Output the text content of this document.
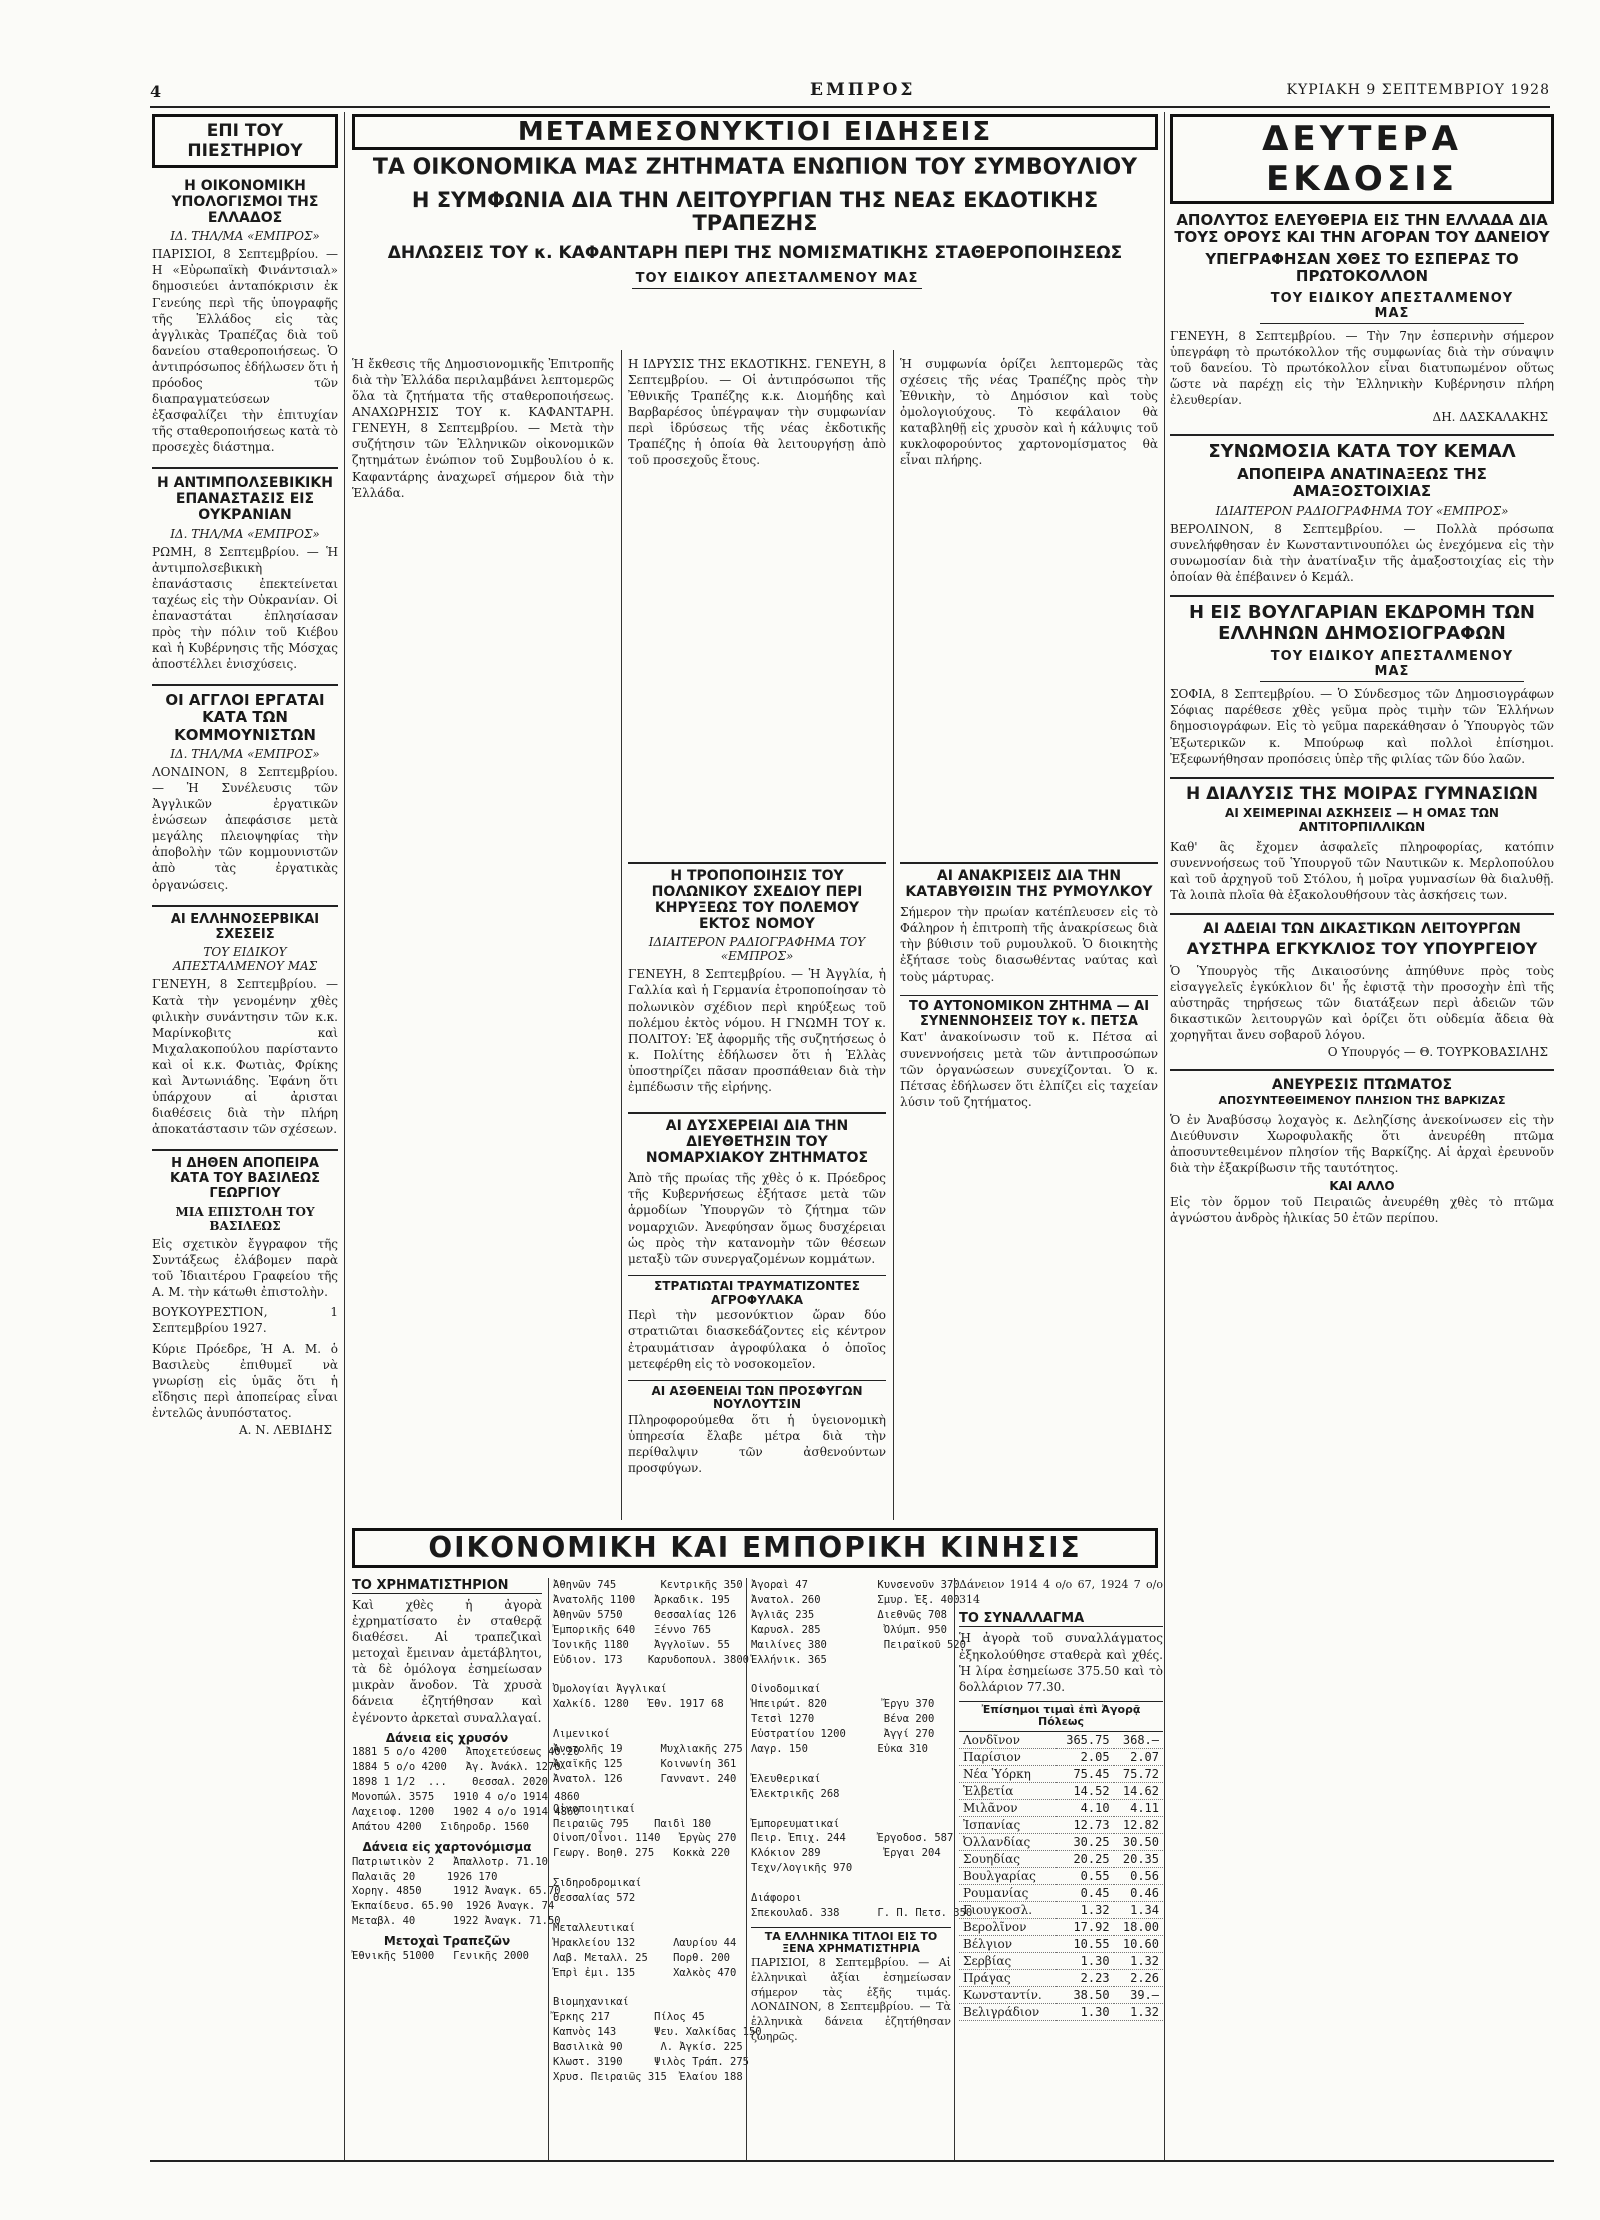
4	ΕΜΠΡΟΣ	ΚΥΡΙΑΚΗ 9 ΣΕΠΤΕΜΒΡΙΟΥ 1928
ΕΠΙ ΤΟΥ ΠΙΕΣΤΗΡΙΟΥ
Η ΟΙΚΟΝΟΜΙΚΗ ΥΠΟΛΟΓΙΣΜΟΙ ΤΗΣ ΕΛΛΑΔΟΣ
ΙΔ. ΤΗΛ/ΜΑ «ΕΜΠΡΟΣ»

ΠΑΡΙΣΙΟΙ, 8 Σεπτεμβρίου. — Η «Εὐρωπαϊκὴ Φινάντσιαλ» δημοσιεύει ἀνταπόκρισιν ἐκ Γενεύης περὶ τῆς ὑπογραφῆς τῆς Ἑλλάδος εἰς τὰς ἀγγλικὰς Τραπέζας διὰ τοῦ δανείου σταθεροποιήσεως. Ὁ ἀντιπρόσωπος ἐδήλωσεν ὅτι ἡ πρόοδος τῶν διαπραγματεύσεων ἐξασφαλίζει τὴν ἐπιτυχίαν τῆς σταθεροποιήσεως κατὰ τὸ προσεχὲς διάστημα.

Η ΑΝΤΙΜΠΟΛΣΕΒΙΚΙΚΗ ΕΠΑΝΑΣΤΑΣΙΣ ΕΙΣ ΟΥΚΡΑΝΙΑΝ
ΙΔ. ΤΗΛ/ΜΑ «ΕΜΠΡΟΣ»

ΡΩΜΗ, 8 Σεπτεμβρίου. — Ἡ ἀντιμπολσεβικικὴ ἐπανάστασις ἐπεκτείνεται ταχέως εἰς τὴν Οὐκρανίαν. Οἱ ἐπαναστάται ἐπλησίασαν πρὸς τὴν πόλιν τοῦ Κιέβου καὶ ἡ Κυβέρνησις τῆς Μόσχας ἀποστέλλει ἐνισχύσεις.

ΟΙ ΑΓΓΛΟΙ ΕΡΓΑΤΑΙ ΚΑΤΑ ΤΩΝ ΚΟΜΜΟΥΝΙΣΤΩΝ
ΙΔ. ΤΗΛ/ΜΑ «ΕΜΠΡΟΣ»

ΛΟΝΔΙΝΟΝ, 8 Σεπτεμβρίου. — Ἡ Συνέλευσις τῶν Ἀγγλικῶν ἐργατικῶν ἑνώσεων ἀπεφάσισε μετὰ μεγάλης πλειοψηφίας τὴν ἀποβολὴν τῶν κομμουνιστῶν ἀπὸ τὰς ἐργατικὰς ὀργανώσεις.

ΑΙ ΕΛΛΗΝΟΣΕΡΒΙΚΑΙ ΣΧΕΣΕΙΣ
ΤΟΥ ΕΙΔΙΚΟΥ ΑΠΕΣΤΑΛΜΕΝΟΥ ΜΑΣ

ΓΕΝΕΥΗ, 8 Σεπτεμβρίου. — Κατὰ τὴν γενομένην χθὲς φιλικὴν συνάντησιν τῶν κ.κ. Μαρίνκοβιτς καὶ Μιχαλακοπούλου παρίσταντο καὶ οἱ κ.κ. Φωτιὰς, Φρίκης καὶ Ἀντωνιάδης. Ἐφάνη ὅτι ὑπάρχουν αἱ ἀρισται διαθέσεις διὰ τὴν πλήρη ἀποκατάστασιν τῶν σχέσεων.

Η ΔΗΘΕΝ ΑΠΟΠΕΙΡΑ ΚΑΤΑ ΤΟΥ ΒΑΣΙΛΕΩΣ ΓΕΩΡΓΙΟΥ
ΜΙΑ ΕΠΙΣΤΟΛΗ ΤΟΥ ΒΑΣΙΛΕΩΣ

Εἰς σχετικὸν ἔγγραφον τῆς Συντάξεως ἐλάβομεν παρὰ τοῦ Ἰδιαιτέρου Γραφείου τῆς Α. Μ. τὴν κάτωθι ἐπιστολὴν.

ΒΟΥΚΟΥΡΕΣΤΙΟΝ, 1 Σεπτεμβρίου 1927.

Κύριε Πρόεδρε, Ἡ Α. Μ. ὁ Βασιλεὺς ἐπιθυμεῖ νὰ γνωρίσῃ εἰς ὑμᾶς ὅτι ἡ εἴδησις περὶ ἀποπείρας εἶναι ἐντελῶς ἀνυπόστατος.

Α. Ν. ΛΕΒΙΔΗΣ
ΜΕΤΑΜΕΣΟΝΥΚΤΙΟΙ ΕΙΔΗΣΕΙΣ
ΤΑ ΟΙΚΟΝΟΜΙΚΑ ΜΑΣ ΖΗΤΗΜΑΤΑ ΕΝΩΠΙΟΝ ΤΟΥ ΣΥΜΒΟΥΛΙΟΥ
Η ΣΥΜΦΩΝΙΑ ΔΙΑ ΤΗΝ ΛΕΙΤΟΥΡΓΙΑΝ ΤΗΣ ΝΕΑΣ ΕΚΔΟΤΙΚΗΣ ΤΡΑΠΕΖΗΣ
ΔΗΛΩΣΕΙΣ ΤΟΥ κ. ΚΑΦΑΝΤΑΡΗ ΠΕΡΙ ΤΗΣ ΝΟΜΙΣΜΑΤΙΚΗΣ ΣΤΑΘΕΡΟΠΟΙΗΣΕΩΣ
ΤΟΥ ΕΙΔΙΚΟΥ ΑΠΕΣΤΑΛΜΕΝΟΥ ΜΑΣ

Ἡ ἔκθεσις τῆς Δημοσιονομικῆς Ἐπιτροπῆς διὰ τὴν Ἑλλάδα περιλαμβάνει λεπτομερῶς ὅλα τὰ ζητήματα τῆς σταθεροποιήσεως. ΑΝΑΧΩΡΗΣΙΣ ΤΟΥ κ. ΚΑΦΑΝΤΑΡΗ. ΓΕΝΕΥΗ, 8 Σεπτεμβρίου. — Μετὰ τὴν συζήτησιν τῶν Ἑλληνικῶν οἰκονομικῶν ζητημάτων ἐνώπιον τοῦ Συμβουλίου ὁ κ. Καφαντάρης ἀναχωρεῖ σήμερον διὰ τὴν Ἑλλάδα.

Η ΙΔΡΥΣΙΣ ΤΗΣ ΕΚΔΟΤΙΚΗΣ. ΓΕΝΕΥΗ, 8 Σεπτεμβρίου. — Οἱ ἀντιπρόσωποι τῆς Ἐθνικῆς Τραπέζης κ.κ. Διομήδης καὶ Βαρβαρέσος ὑπέγραψαν τὴν συμφωνίαν περὶ ἱδρύσεως τῆς νέας ἐκδοτικῆς Τραπέζης ἡ ὁποία θὰ λειτουργήσῃ ἀπὸ τοῦ προσεχοῦς ἔτους.

Ἡ συμφωνία ὁρίζει λεπτομερῶς τὰς σχέσεις τῆς νέας Τραπέζης πρὸς τὴν Ἐθνικὴν, τὸ Δημόσιον καὶ τοὺς ὀμολογιούχους. Τὸ κεφάλαιον θὰ καταβληθῇ εἰς χρυσὸν καὶ ἡ κάλυψις τοῦ κυκλοφορούντος χαρτονομίσματος θὰ εἶναι πλήρης.

Η ΤΡΟΠΟΠΟΙΗΣΙΣ ΤΟΥ ΠΟΛΩΝΙΚΟΥ ΣΧΕΔΙΟΥ ΠΕΡΙ ΚΗΡΥΞΕΩΣ ΤΟΥ ΠΟΛΕΜΟΥ ΕΚΤΟΣ ΝΟΜΟΥ
ΙΔΙΑΙΤΕΡΟΝ ΡΑΔΙΟΓΡΑΦΗΜΑ ΤΟΥ «ΕΜΠΡΟΣ»

ΓΕΝΕΥΗ, 8 Σεπτεμβρίου. — Ἡ Ἀγγλία, ἡ Γαλλία καὶ ἡ Γερμανία ἐτροποποίησαν τὸ πολωνικὸν σχέδιον περὶ κηρύξεως τοῦ πολέμου ἐκτὸς νόμου. Η ΓΝΩΜΗ ΤΟΥ κ. ΠΟΛΙΤΟΥ: Ἐξ ἀφορμῆς τῆς συζητήσεως ὁ κ. Πολίτης ἐδήλωσεν ὅτι ἡ Ἑλλὰς ὑποστηρίζει πᾶσαν προσπάθειαν διὰ τὴν ἐμπέδωσιν τῆς εἰρήνης.

ΑΙ ΔΥΣΧΕΡΕΙΑΙ ΔΙΑ ΤΗΝ ΔΙΕΥΘΕΤΗΣΙΝ ΤΟΥ ΝΟΜΑΡΧΙΑΚΟΥ ΖΗΤΗΜΑΤΟΣ

Ἀπὸ τῆς πρωίας τῆς χθὲς ὁ κ. Πρόεδρος τῆς Κυβερνήσεως ἐξήτασε μετὰ τῶν ἁρμοδίων Ὑπουργῶν τὸ ζήτημα τῶν νομαρχιῶν. Ἀνεφύησαν ὅμως δυσχέρειαι ὡς πρὸς τὴν κατανομὴν τῶν θέσεων μεταξὺ τῶν συνεργαζομένων κομμάτων.

ΣΤΡΑΤΙΩΤΑΙ ΤΡΑΥΜΑΤΙΖΟΝΤΕΣ ΑΓΡΟΦΥΛΑΚΑ

Περὶ τὴν μεσονύκτιον ὥραν δύο στρατιῶται διασκεδάζοντες εἰς κέντρον ἐτραυμάτισαν ἀγροφύλακα ὁ ὁποῖος μετεφέρθη εἰς τὸ νοσοκομεῖον.

ΑΙ ΑΣΘΕΝΕΙΑΙ ΤΩΝ ΠΡΟΣΦΥΓΩΝ ΝΟΥΛΟΥΤΣΙΝ

Πληροφορούμεθα ὅτι ἡ ὑγειονομικὴ ὑπηρεσία ἔλαβε μέτρα διὰ τὴν περίθαλψιν τῶν ἀσθενούντων προσφύγων.

ΑΙ ΑΝΑΚΡΙΣΕΙΣ ΔΙΑ ΤΗΝ ΚΑΤΑΒΥΘΙΣΙΝ ΤΗΣ ΡΥΜΟΥΛΚΟΥ

Σήμερον τὴν πρωίαν κατέπλευσεν εἰς τὸ Φάληρον ἡ ἐπιτροπὴ τῆς ἀνακρίσεως διὰ τὴν βύθισιν τοῦ ρυμουλκοῦ. Ὁ διοικητὴς ἐξήτασε τοὺς διασωθέντας ναύτας καὶ τοὺς μάρτυρας.

ΤΟ ΑΥΤΟΝΟΜΙΚΟΝ ΖΗΤΗΜΑ — ΑΙ ΣΥΝΕΝΝΟΗΣΕΙΣ ΤΟΥ κ. ΠΕΤΣΑ

Κατ' ἀνακοίνωσιν τοῦ κ. Πέτσα αἱ συνεννοήσεις μετὰ τῶν ἀντιπροσώπων τῶν ὀργανώσεων συνεχίζονται. Ὁ κ. Πέτσας ἐδήλωσεν ὅτι ἐλπίζει εἰς ταχείαν λύσιν τοῦ ζητήματος.

ΟΙΚΟΝΟΜΙΚΗ ΚΑΙ ΕΜΠΟΡΙΚΗ ΚΙΝΗΣΙΣ
ΤΟ ΧΡΗΜΑΤΙΣΤΗΡΙΟΝ

Καὶ χθὲς ἡ ἀγορὰ ἐχρηματίσατο ἐν σταθερᾷ διαθέσει. Αἱ τραπεζικαὶ μετοχαὶ ἔμειναν ἀμετάβλητοι, τὰ δὲ ὁμόλογα ἐσημείωσαν μικρὰν ἄνοδον. Τὰ χρυσὰ δάνεια ἐζητήθησαν καὶ ἐγένοντο ἀρκεταὶ συναλλαγαί.

Δάνεια εἰς χρυσόν
1881 5 ο/ο 4200   Ἀποχετεύσεως 40.20
1884 5 ο/ο 4200   Ἀγ. Ἀνάκλ. 1270
1898 1 1/2  ...    Θεσσαλ. 2020
Μονοπώλ. 3575   1910 4 ο/ο 1914 4860
Λαχειοφ. 1200   1902 4 ο/ο 1914 4860
Απάτου 4200   Σιδηροδρ. 1560
Δάνεια εἰς χαρτονόμισμα
Πατριωτικὸν 2   Ἀπαλλοτρ. 71.10
Παλαιᾶς 20     1926 170
Χορηγ. 4850     1912 Ἀναγκ. 65.70
Ἐκπαίδευσ. 65.90  1926 Ἀναγκ. 74
Μεταβλ. 40      1922 Ἀναγκ. 71.50
Μετοχαὶ Τραπεζῶν
Ἐθνικῆς 51000   Γενικῆς 2000
Ἀθηνῶν 745       Κεντρικῆς 350
Ἀνατολῆς 1100   Ἀρκαδικ. 195
Ἀθηνῶν 5750     Θεσσαλίας 126
Ἐμπορικῆς 640   Ξέννο 765
Ἰονικῆς 1180    Ἀγγλοϊων. 55
Εὐδιον. 173    Καρυδοπουλ. 3800

Ὀμολογίαι Ἀγγλικαί
Χαλκίδ. 1280   Ἐθν. 1917 68

Λιμενικοί
Ἀνατολῆς 19      Μυχλιακῆς 275
Ἀχαϊκῆς 125      Κοινωνίη 361
Ἀνατολ. 126      Γανναντ. 240

Οἰνοποιητικαί
Πειραιῶς 795    Παιδὶ 180
Οἰνοπ/Οἶνοι. 1140   Ἐργὼς 270
Γεωργ. Βοηθ. 275   Κοκκὰ 220

Σιδηροδρομικαί
Θεσσαλίας 572

Μεταλλευτικαί
Ἡρακλείου 132      Λαυρίου 44
Λαβ. Μεταλλ. 25    Πορθ. 200
Ἑπρὶ ἐμι. 135      Χαλκὸς 470

Βιομηχανικαί
Ἔρκης 217       Πίλος 45
Καπνὸς 143      Ψευ. Χαλκίδας 150
Βασιλικὰ 90      Λ. Ἀγκίσ. 225
Κλωστ. 3190     Ψιλὸς Τράπ. 275
Χρυσ. Πειραιῶς 315  Ἐλαίου 188
Ἀγοραὶ 47           Κυνσενοῦν 370
Ἀνατολ. 260         Σμυρ. Ἐξ. 400
Ἀγλιᾶς 235          Διεθνῶς 708
Καρυσλ. 285          Ὀλύμπ. 950
Μαιλίνες 380         Πειραϊκοῦ 520
Ἑλλήνικ. 365

Οἰνοδομικαί
Ἡπειρώτ. 820         Ἔργυ 370
Τετσὶ 1270           Βένα 200
Εὐστρατίου 1200      Ἀγγί 270
Λαγρ. 150           Εὐκα 310

Ἐλευθερικαί
Ἐλεκτρικῆς 268

Ἐμπορευματικαί
Πειρ. Ἐπιχ. 244     Ἐργοδοσ. 587
Κλόκιον 289          Ἐργαι 204
Τεχν/λογικῆς 970

Διάφοροι
Σπεκουλαδ. 338      Γ. Π. Πετσ. 350
ΤΑ ΕΛΛΗΝΙΚΑ ΤΙΤΛΟΙ ΕΙΣ ΤΟ ΞΕΝΑ ΧΡΗΜΑΤΙΣΤΗΡΙΑ

ΠΑΡΙΣΙΟΙ, 8 Σεπτεμβρίου. — Αἱ ἑλληνικαὶ ἀξίαι ἐσημείωσαν σήμερον τὰς ἑξῆς τιμάς. ΛΟΝΔΙΝΟΝ, 8 Σεπτεμβρίου. — Τὰ ἑλληνικὰ δάνεια ἐζητήθησαν ζωηρῶς.

Δάνειον 1914 4 ο/ο 67, 1924 7 ο/ο 314
ΤΟ ΣΥΝΑΛΛΑΓΜΑ

Ἡ ἀγορὰ τοῦ συναλλάγματος ἐξηκολούθησε σταθερὰ καὶ χθές. Ἡ λίρα ἐσημείωσε 375.50 καὶ τὸ δολλάριον 77.30.

Ἐπίσημοι τιμαὶ ἐπὶ Ἀγορᾷ Πόλεως
Λονδῖνον	365.75	368.—
Παρίσιον	2.05	2.07
Νέα Ὑόρκη	75.45	75.72
Ἑλβετία	14.52	14.62
Μιλᾶνον	4.10	4.11
Ἰσπανίας	12.73	12.82
Ὀλλανδίας	30.25	30.50
Σουηδίας	20.25	20.35
Βουλγαρίας	0.55	0.56
Ρουμανίας	0.45	0.46
Γιουγκοσλ.	1.32	1.34
Βερολῖνον	17.92	18.00
Βέλγιον	10.55	10.60
Σερβίας	1.30	1.32
Πράγας	2.23	2.26
Κωνσταντίν.	38.50	39.—
Βελιγράδιον	1.30	1.32
ΔΕΥΤΕΡΑ ΕΚΔΟΣΙΣ
ΑΠΟΛΥΤΟΣ ΕΛΕΥΘΕΡΙΑ ΕΙΣ ΤΗΝ ΕΛΛΑΔΑ ΔΙΑ ΤΟΥΣ ΟΡΟΥΣ ΚΑΙ ΤΗΝ ΑΓΟΡΑΝ ΤΟΥ ΔΑΝΕΙΟΥ
ΥΠΕΓΡΑΦΗΣΑΝ ΧΘΕΣ ΤΟ ΕΣΠΕΡΑΣ ΤΟ ΠΡΩΤΟΚΟΛΛΟΝ
ΤΟΥ ΕΙΔΙΚΟΥ ΑΠΕΣΤΑΛΜΕΝΟΥ ΜΑΣ

ΓΕΝΕΥΗ, 8 Σεπτεμβρίου. — Τὴν 7ην ἑσπερινὴν σήμερον ὑπεγράφη τὸ πρωτόκολλον τῆς συμφωνίας διὰ τὴν σύναψιν τοῦ δανείου. Τὸ πρωτόκολλον εἶναι διατυπωμένον οὕτως ὥστε νὰ παρέχῃ εἰς τὴν Ἑλληνικὴν Κυβέρνησιν πλήρη ἐλευθερίαν.

ΔΗ. ΔΑΣΚΑΛΑΚΗΣ
ΣΥΝΩΜΟΣΙΑ ΚΑΤΑ ΤΟΥ ΚΕΜΑΛ
ΑΠΟΠΕΙΡΑ ΑΝΑΤΙΝΑΞΕΩΣ ΤΗΣ ΑΜΑΞΟΣΤΟΙΧΙΑΣ
ΙΔΙΑΙΤΕΡΟΝ ΡΑΔΙΟΓΡΑΦΗΜΑ ΤΟΥ «ΕΜΠΡΟΣ»

ΒΕΡΟΛΙΝΟΝ, 8 Σεπτεμβρίου. — Πολλὰ πρόσωπα συνελήφθησαν ἐν Κωνσταντινουπόλει ὡς ἐνεχόμενα εἰς τὴν συνωμοσίαν διὰ τὴν ἀνατίναξιν τῆς ἀμαξοστοιχίας εἰς τὴν ὁποίαν θὰ ἐπέβαινεν ὁ Κεμάλ.

Η ΕΙΣ ΒΟΥΛΓΑΡΙΑΝ ΕΚΔΡΟΜΗ ΤΩΝ ΕΛΛΗΝΩΝ ΔΗΜΟΣΙΟΓΡΑΦΩΝ
ΤΟΥ ΕΙΔΙΚΟΥ ΑΠΕΣΤΑΛΜΕΝΟΥ ΜΑΣ

ΣΟΦΙΑ, 8 Σεπτεμβρίου. — Ὁ Σύνδεσμος τῶν Δημοσιογράφων Σόφιας παρέθεσε χθὲς γεῦμα πρὸς τιμὴν τῶν Ἑλλήνων δημοσιογράφων. Εἰς τὸ γεῦμα παρεκάθησαν ὁ Ὑπουργὸς τῶν Ἐξωτερικῶν κ. Μπούρωφ καὶ πολλοὶ ἐπίσημοι. Ἐξεφωνήθησαν προπόσεις ὑπὲρ τῆς φιλίας τῶν δύο λαῶν.

Η ΔΙΑΛΥΣΙΣ ΤΗΣ ΜΟΙΡΑΣ ΓΥΜΝΑΣΙΩΝ
ΑΙ ΧΕΙΜΕΡΙΝΑΙ ΑΣΚΗΣΕΙΣ — Η ΟΜΑΣ ΤΩΝ ΑΝΤΙΤΟΡΠΙΛΛΙΚΩΝ

Καθ' ἃς ἔχομεν ἀσφαλεῖς πληροφορίας, κατόπιν συνεννοήσεως τοῦ Ὑπουργοῦ τῶν Ναυτικῶν κ. Μερλοπούλου καὶ τοῦ ἀρχηγοῦ τοῦ Στόλου, ἡ μοῖρα γυμνασίων θὰ διαλυθῇ. Τὰ λοιπὰ πλοῖα θὰ ἐξακολουθήσουν τὰς ἀσκήσεις των.

ΑΙ ΑΔΕΙΑΙ ΤΩΝ ΔΙΚΑΣΤΙΚΩΝ ΛΕΙΤΟΥΡΓΩΝ
ΑΥΣΤΗΡΑ ΕΓΚΥΚΛΙΟΣ ΤΟΥ ΥΠΟΥΡΓΕΙΟΥ

Ὁ Ὑπουργὸς τῆς Δικαιοσύνης ἀπηύθυνε πρὸς τοὺς εἰσαγγελεῖς ἐγκύκλιον δι' ἧς ἐφιστᾷ τὴν προσοχὴν ἐπὶ τῆς αὐστηρᾶς τηρήσεως τῶν διατάξεων περὶ ἀδειῶν τῶν δικαστικῶν λειτουργῶν καὶ ὁρίζει ὅτι οὐδεμία ἄδεια θὰ χορηγῆται ἄνευ σοβαροῦ λόγου.

Ο Υπουργός — Θ. ΤΟΥΡΚΟΒΑΣΙΛΗΣ
ΑΝΕΥΡΕΣΙΣ ΠΤΩΜΑΤΟΣ
ΑΠΟΣΥΝΤΕΘΕΙΜΕΝΟΥ ΠΛΗΣΙΟΝ ΤΗΣ ΒΑΡΚΙΖΑΣ

Ὁ ἐν Ἀναβύσσῳ λοχαγὸς κ. Δεληζίσης ἀνεκοίνωσεν εἰς τὴν Διεύθυνσιν Χωροφυλακῆς ὅτι ἀνευρέθη πτῶμα ἀποσυντεθειμένον πλησίον τῆς Βαρκίζης. Αἱ ἀρχαὶ ἐρευνοῦν διὰ τὴν ἐξακρίβωσιν τῆς ταυτότητος.

ΚΑΙ ΑΛΛΟ

Εἰς τὸν ὅρμον τοῦ Πειραιῶς ἀνευρέθη χθὲς τὸ πτῶμα ἀγνώστου ἀνδρὸς ἡλικίας 50 ἐτῶν περίπου.
